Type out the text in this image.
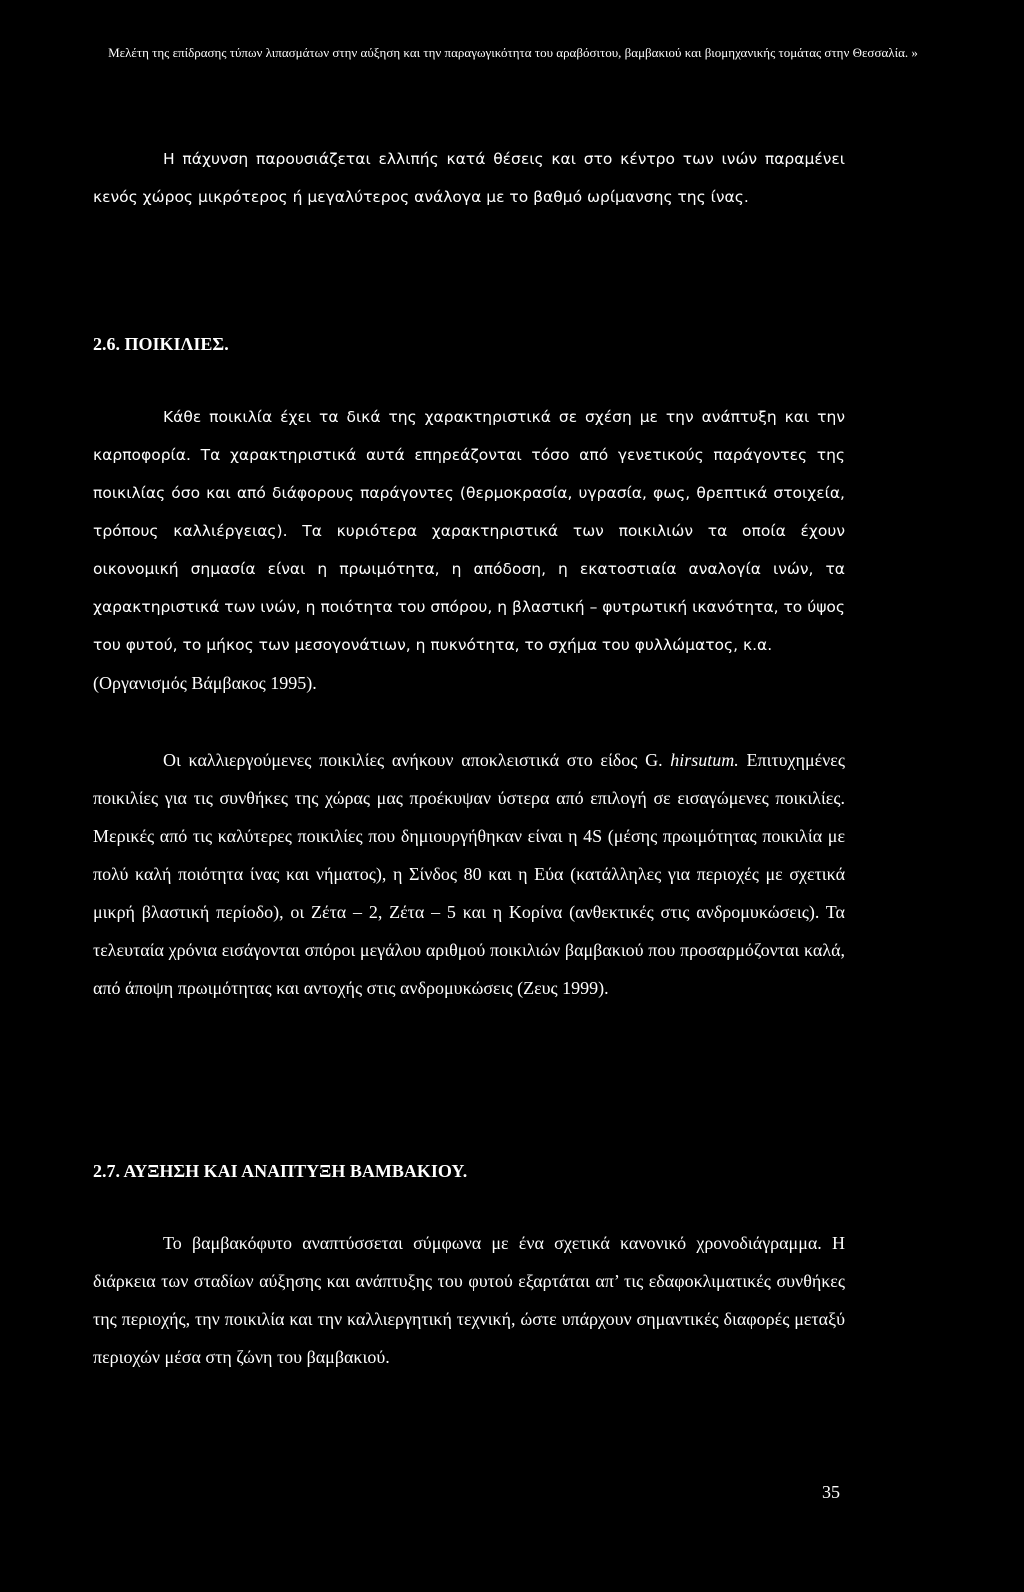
Μελέτη της επίδρασης τύπων λιπασμάτων στην αύξηση και την παραγωγικότητα του αραβόσιτου, βαμβακιού και βιομηχανικής τομάτας στην Θεσσαλία. »

Η πάχυνση παρουσιάζεται ελλιπής κατά θέσεις και στο κέντρο των ινών παραμένει κενός χώρος μικρότερος ή μεγαλύτερος ανάλογα με το βαθμό ωρίμανσης της ίνας.

2.6. ΠΟΙΚΙΛΙΕΣ.

Κάθε ποικιλία έχει τα δικά της χαρακτηριστικά σε σχέση με την ανάπτυξη και την καρποφορία. Τα χαρακτηριστικά αυτά επηρεάζονται τόσο από γενετικούς παράγοντες της ποικιλίας όσο και από διάφορους παράγοντες (θερμοκρασία, υγρασία, φως, θρεπτικά στοιχεία, τρόπους καλλιέργειας). Τα κυριότερα χαρακτηριστικά των ποικιλιών τα οποία έχουν οικονομική σημασία είναι η πρωιμότητα, η απόδοση, η εκατοστιαία αναλογία ινών, τα χαρακτηριστικά των ινών, η ποιότητα του σπόρου, η βλαστική – φυτρωτική ικανότητα, το ύψος του φυτού, το μήκος των μεσογονάτιων, η πυκνότητα, το σχήμα του φυλλώματος, κ.α.

(Οργανισμός Βάμβακος 1995).

Οι καλλιεργούμενες ποικιλίες ανήκουν αποκλειστικά στο είδος G. hirsutum. Επιτυχημένες ποικιλίες για τις συνθήκες της χώρας μας προέκυψαν ύστερα από επιλογή σε εισαγώμενες ποικιλίες. Μερικές από τις καλύτερες ποικιλίες που δημιουργήθηκαν είναι η 4S (μέσης πρωιμότητας ποικιλία με πολύ καλή ποιότητα ίνας και νήματος), η Σίνδος 80 και η Εύα (κατάλληλες για περιοχές με σχετικά μικρή βλαστική περίοδο), οι Ζέτα – 2, Ζέτα – 5 και η Κορίνα (ανθεκτικές στις ανδρομυκώσεις). Τα τελευταία χρόνια εισάγονται σπόροι μεγάλου αριθμού ποικιλιών βαμβακιού που προσαρμόζονται καλά, από άποψη πρωιμότητας και αντοχής στις ανδρομυκώσεις (Ζευς 1999).

2.7. ΑΥΞΗΣΗ ΚΑΙ ΑΝΑΠΤΥΞΗ ΒΑΜΒΑΚΙΟΥ.

Το βαμβακόφυτο αναπτύσσεται σύμφωνα με ένα σχετικά κανονικό χρονοδιάγραμμα. Η διάρκεια των σταδίων αύξησης και ανάπτυξης του φυτού εξαρτάται απ’ τις εδαφοκλιματικές συνθήκες της περιοχής, την ποικιλία και την καλλιεργητική τεχνική, ώστε υπάρχουν σημαντικές διαφορές μεταξύ περιοχών μέσα στη ζώνη του βαμβακιού.

35
